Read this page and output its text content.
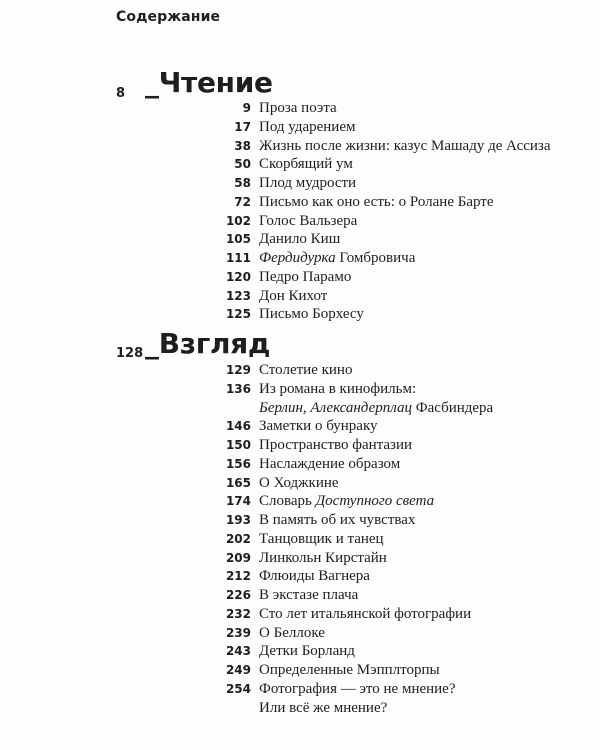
Содержание
8 _Чтение
9 Проза поэта
17 Под ударением
38 Жизнь после жизни: казус Машаду де Ассиза
50 Скорбящий ум
58 Плод мудрости
72 Письмо как оно есть: о Ролане Барте
102 Голос Вальзера
105 Данило Киш
111 Фердидурка Гомбровича
120 Педро Парамо
123 Дон Кихот
125 Письмо Борхесу
128 _Взгляд
129 Столетие кино
136 Из романа в кинофильм:
Берлин, Александерплац Фасбиндера
146 Заметки о бунраку
150 Пространство фантазии
156 Наслаждение образом
165 О Ходжкине
174 Словарь Доступного света
193 В память об их чувствах
202 Танцовщик и танец
209 Линкольн Кирстайн
212 Флюиды Вагнера
226 В экстазе плача
232 Сто лет итальянской фотографии
239 О Беллоке
243 Детки Борланд
249 Определенные Мэпплторпы
254 Фотография — это не мнение?
Или всё же мнение?
